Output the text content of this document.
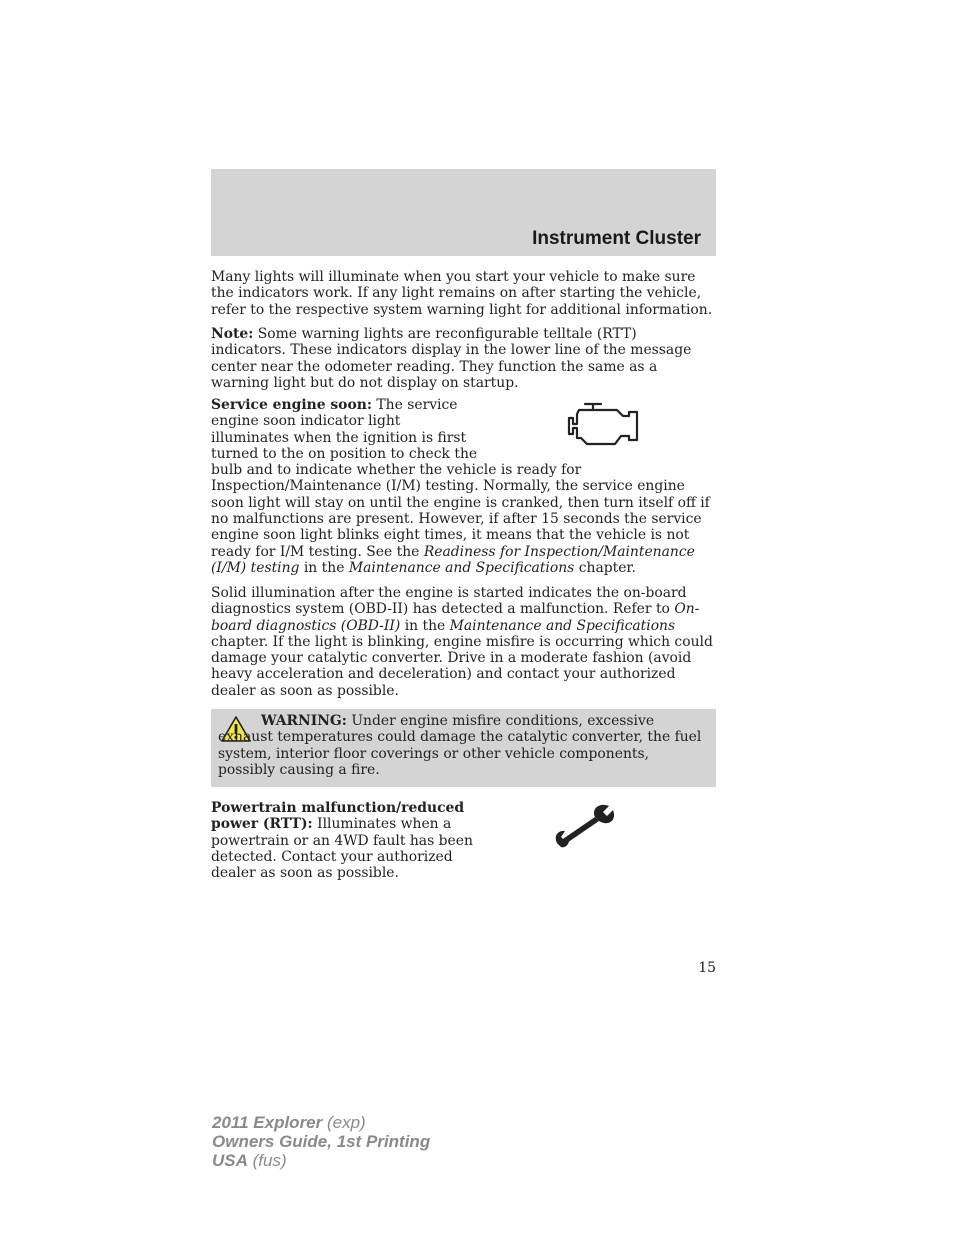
Instrument Cluster

Many lights will illuminate when you start your vehicle to make sure the indicators work. If any light remains on after starting the vehicle, refer to the respective system warning light for additional information.

Note: Some warning lights are reconfigurable telltale (RTT) indicators. These indicators display in the lower line of the message center near the odometer reading. They function the same as a warning light but do not display on startup.

Service engine soon: The service engine soon indicator light illuminates when the ignition is first turned to the on position to check the bulb and to indicate whether the vehicle is ready for Inspection/Maintenance (I/M) testing. Normally, the service engine soon light will stay on until the engine is cranked, then turn itself off if no malfunctions are present. However, if after 15 seconds the service engine soon light blinks eight times, it means that the vehicle is not ready for I/M testing. See the Readiness for Inspection/Maintenance (I/M) testing in the Maintenance and Specifications chapter.

Solid illumination after the engine is started indicates the on-board diagnostics system (OBD-II) has detected a malfunction. Refer to On-board diagnostics (OBD-II) in the Maintenance and Specifications chapter. If the light is blinking, engine misfire is occurring which could damage your catalytic converter. Drive in a moderate fashion (avoid heavy acceleration and deceleration) and contact your authorized dealer as soon as possible.

WARNING: Under engine misfire conditions, excessive exhaust temperatures could damage the catalytic converter, the fuel system, interior floor coverings or other vehicle components, possibly causing a fire.

Powertrain malfunction/reduced power (RTT): Illuminates when a powertrain or an 4WD fault has been detected. Contact your authorized dealer as soon as possible.

15
2011 Explorer (exp)
Owners Guide, 1st Printing
USA (fus)
